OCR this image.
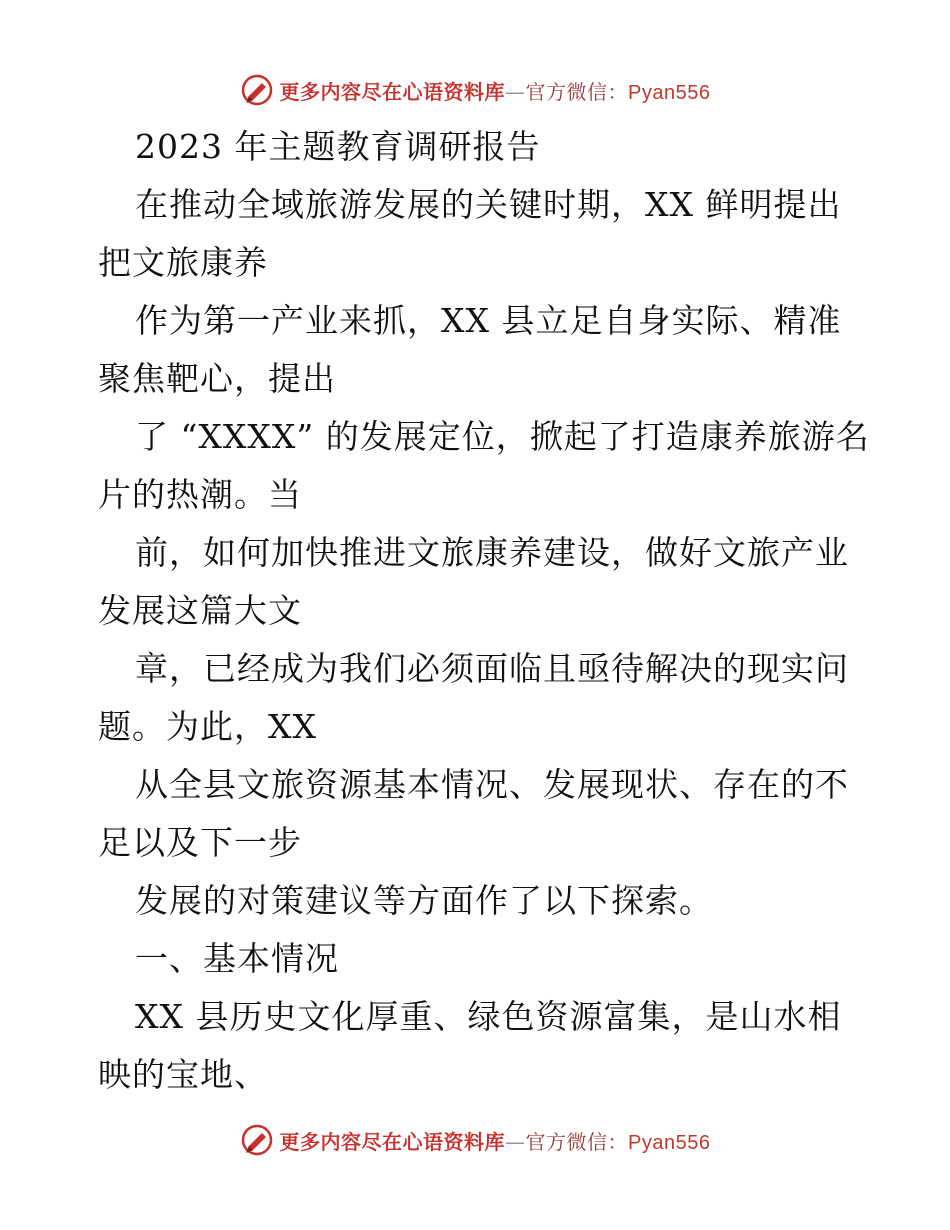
更多内容尽在心语资料库—官方微信：Pyan556
2023 年主题教育调研报告
在推动全域旅游发展的关键时期，XX 鲜明提出
把文旅康养
作为第一产业来抓，XX 县立足自身实际、精准
聚焦靶心，提出
了 “XXXX” 的发展定位，掀起了打造康养旅游名
片的热潮。当
前，如何加快推进文旅康养建设，做好文旅产业
发展这篇大文
章，已经成为我们必须面临且亟待解决的现实问
题。为此，XX
从全县文旅资源基本情况、发展现状、存在的不
足以及下一步
发展的对策建议等方面作了以下探索。
一、基本情况
XX 县历史文化厚重、绿色资源富集，是山水相
映的宝地、
更多内容尽在心语资料库—官方微信：Pyan556
